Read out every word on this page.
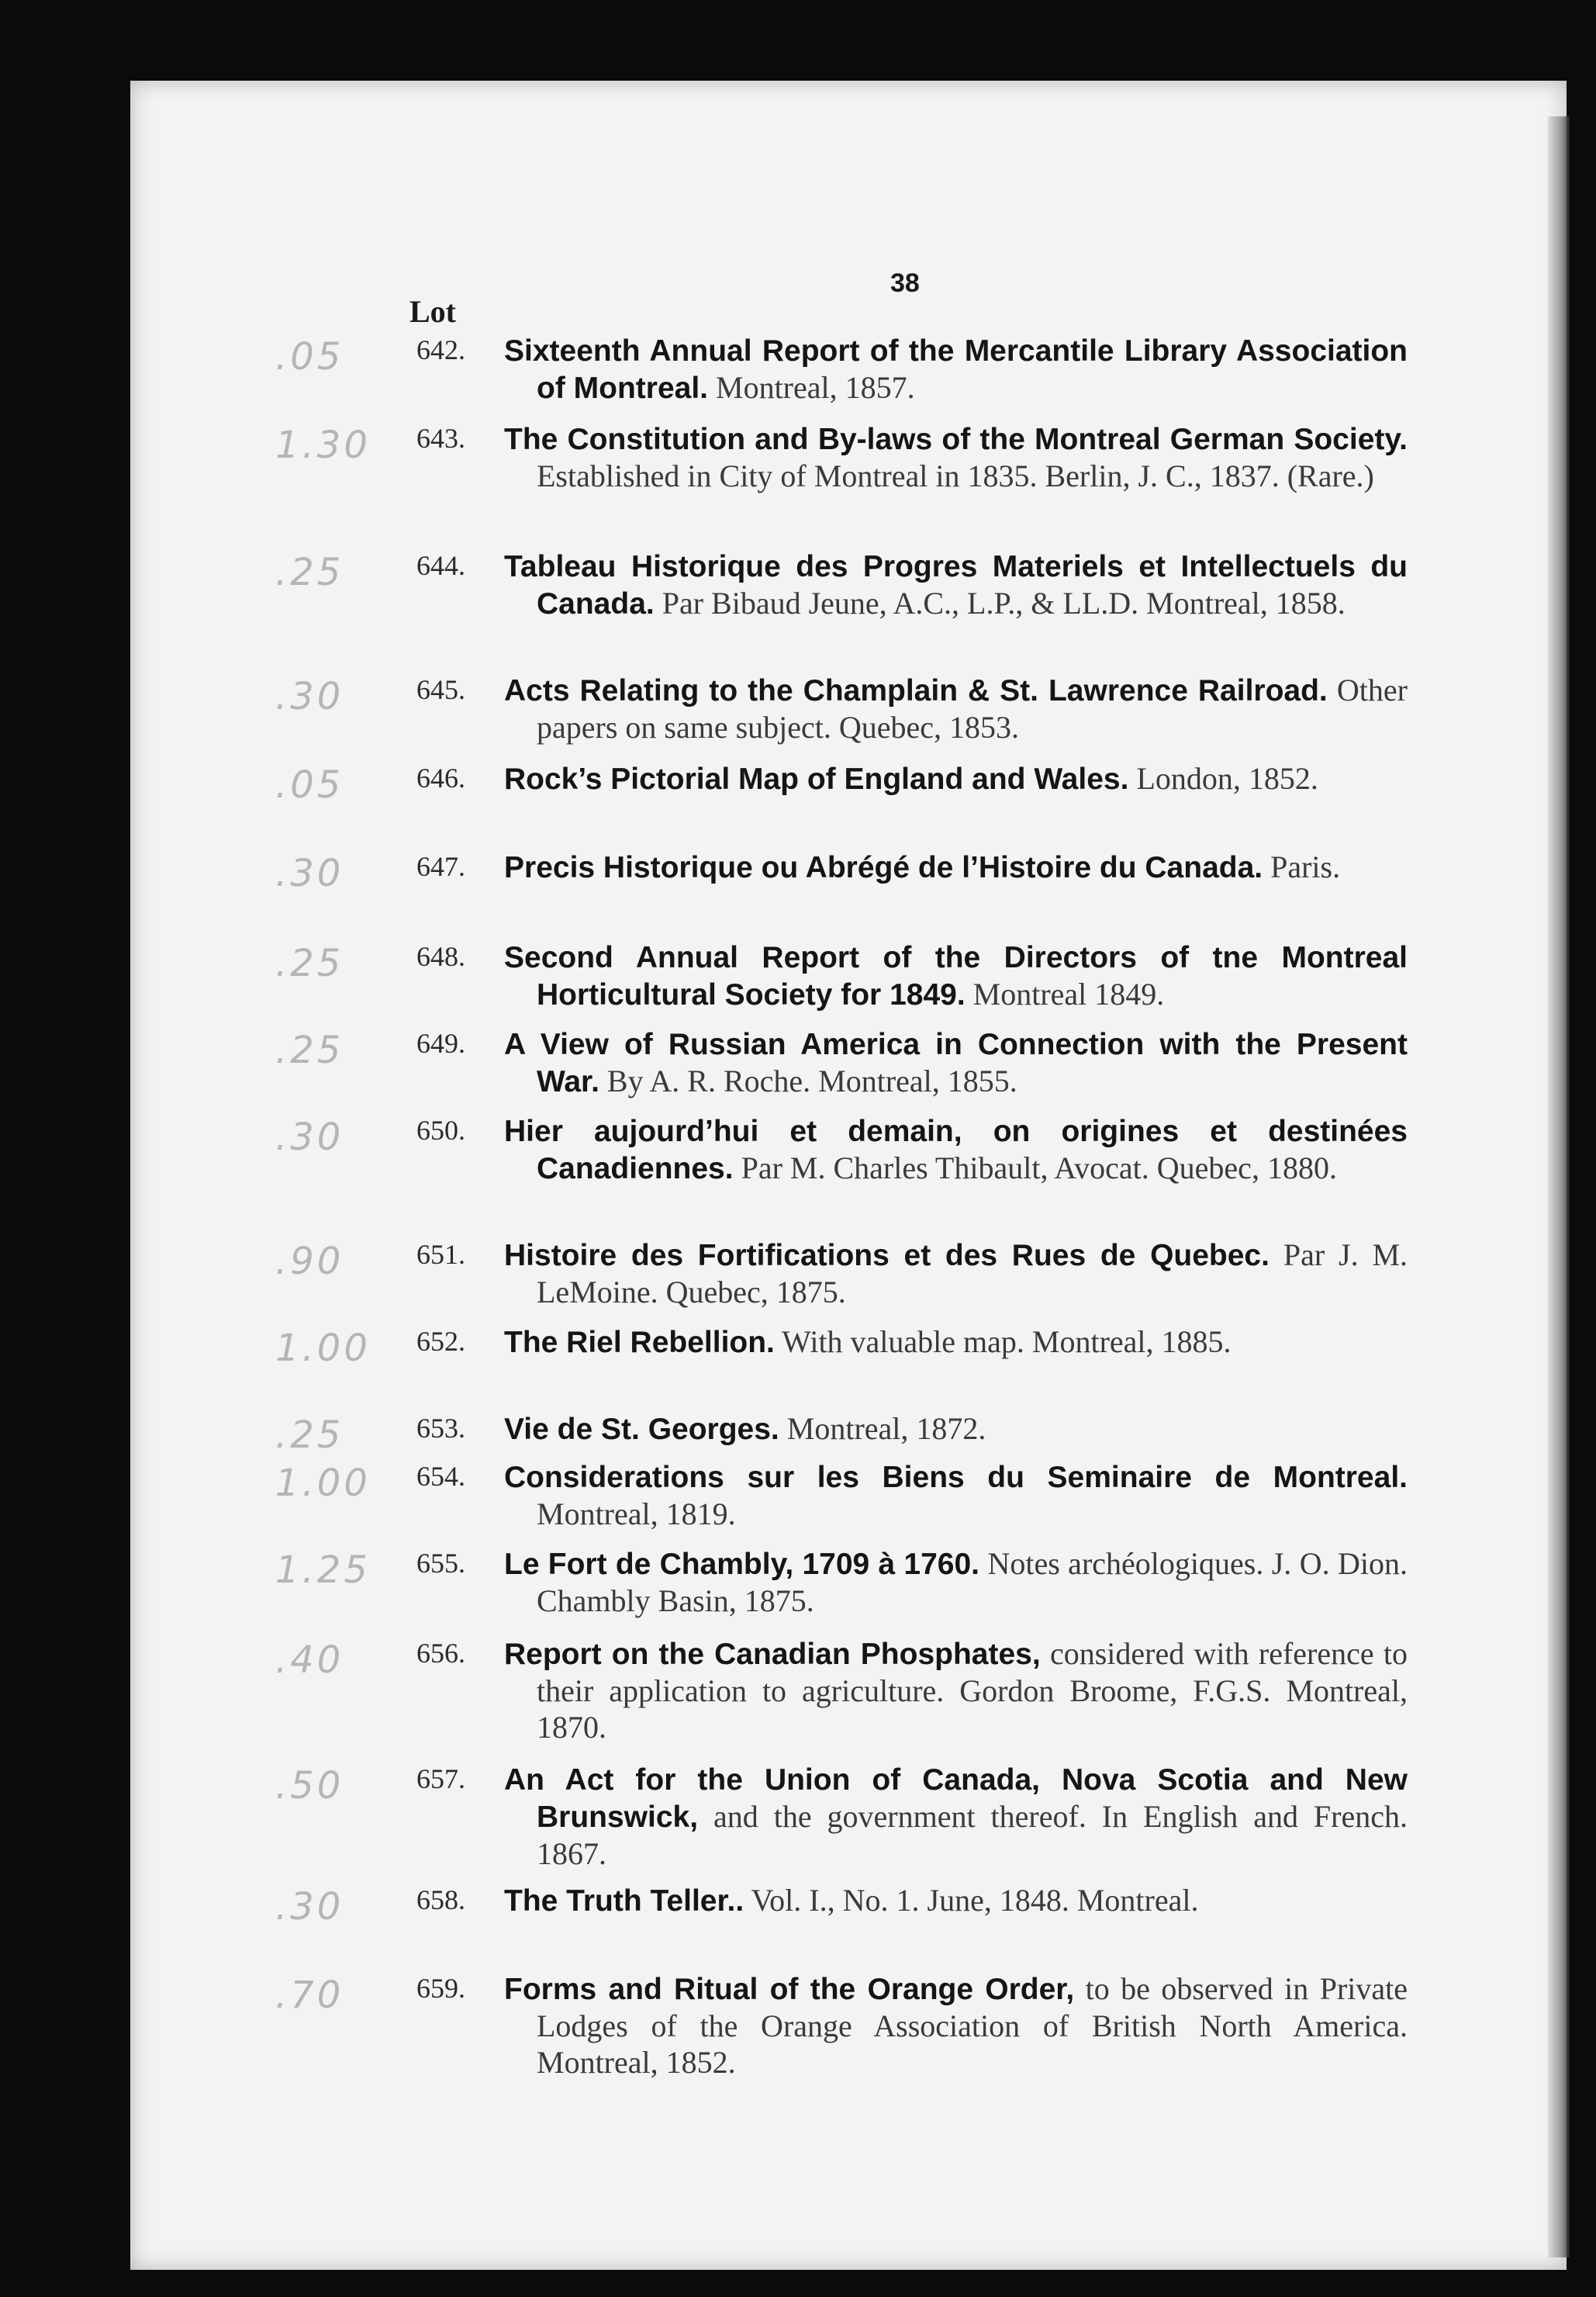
38
Lot
.05	642. Sixteenth Annual Report of the Mercantile Library Association of Montreal. Montreal, 1857.
1.30	643. The Constitution and By-laws of the Montreal German Society. Established in City of Montreal in 1835. Berlin, J. C., 1837. (Rare.)
.25	644. Tableau Historique des Progres Materiels et Intellectuels du Canada. Par Bibaud Jeune, A.C., L.P., & LL.D. Montreal, 1858.
.30	645. Acts Relating to the Champlain & St. Lawrence Railroad. Other papers on same subject. Quebec, 1853.
.05	646. Rock’s Pictorial Map of England and Wales. London, 1852.
.30	647. Precis Historique ou Abrégé de l’Histoire du Canada. Paris.
.25	648. Second Annual Report of the Directors of tne Montreal Horticultural Society for 1849. Montreal 1849.
.25	649. A View of Russian America in Connection with the Present War. By A. R. Roche. Montreal, 1855.
.30	650. Hier aujourd’hui et demain, on origines et destinées Canadiennes. Par M. Charles Thibault, Avocat. Quebec, 1880.
.90	651. Histoire des Fortifications et des Rues de Quebec. Par J. M. LeMoine. Quebec, 1875.
1.00	652. The Riel Rebellion. With valuable map. Montreal, 1885.
.25	653. Vie de St. Georges. Montreal, 1872.
1.00	654. Considerations sur les Biens du Seminaire de Montreal. Montreal, 1819.
1.25	655. Le Fort de Chambly, 1709 à 1760. Notes archéologiques. J. O. Dion. Chambly Basin, 1875.
.40	656. Report on the Canadian Phosphates, considered with reference to their application to agriculture. Gordon Broome, F.G.S. Montreal, 1870.
.50	657. An Act for the Union of Canada, Nova Scotia and New Brunswick, and the government thereof. In English and French. 1867.
.30	658. The Truth Teller.. Vol. I., No. 1. June, 1848. Montreal.
.70	659. Forms and Ritual of the Orange Order, to be observed in Private Lodges of the Orange Association of British North America. Montreal, 1852.
